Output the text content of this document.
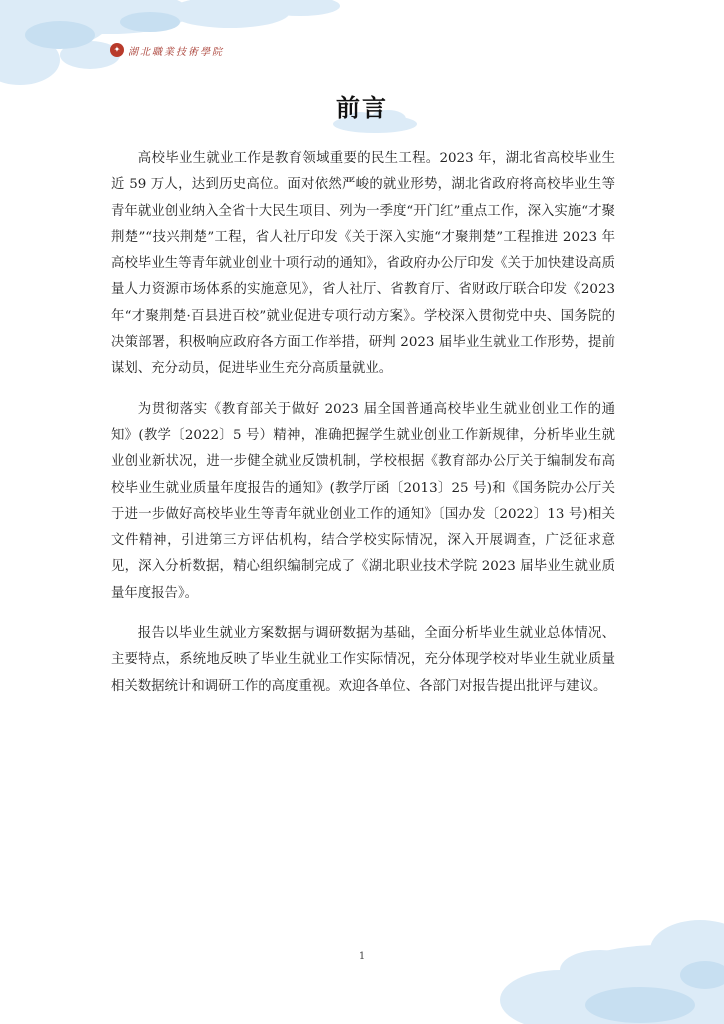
✦ 湖北職業技術學院
前言

高校毕业生就业工作是教育领域重要的民生工程。2023 年，湖北省高校毕业生近 59 万人，达到历史高位。面对依然严峻的就业形势，湖北省政府将高校毕业生等青年就业创业纳入全省十大民生项目、列为一季度“开门红”重点工作，深入实施“才聚荆楚”“技兴荆楚”工程，省人社厅印发《关于深入实施“才聚荆楚”工程推进 2023 年高校毕业生等青年就业创业十项行动的通知》，省政府办公厅印发《关于加快建设高质量人力资源市场体系的实施意见》，省人社厅、省教育厅、省财政厅联合印发《2023 年“才聚荆楚·百县进百校”就业促进专项行动方案》。学校深入贯彻党中央、国务院的决策部署，积极响应政府各方面工作举措，研判 2023 届毕业生就业工作形势，提前谋划、充分动员，促进毕业生充分高质量就业。

为贯彻落实《教育部关于做好 2023 届全国普通高校毕业生就业创业工作的通知》(教学〔2022〕5 号）精神，准确把握学生就业创业工作新规律，分析毕业生就业创业新状况，进一步健全就业反馈机制，学校根据《教育部办公厅关于编制发布高校毕业生就业质量年度报告的通知》(教学厅函〔2013〕25 号)和《国务院办公厅关于进一步做好高校毕业生等青年就业创业工作的通知》〔国办发〔2022〕13 号)相关文件精神，引进第三方评估机构，结合学校实际情况，深入开展调查，广泛征求意见，深入分析数据，精心组织编制完成了《湖北职业技术学院 2023 届毕业生就业质量年度报告》。

报告以毕业生就业方案数据与调研数据为基础，全面分析毕业生就业总体情况、主要特点，系统地反映了毕业生就业工作实际情况，充分体现学校对毕业生就业质量相关数据统计和调研工作的高度重视。欢迎各单位、各部门对报告提出批评与建议。

1
